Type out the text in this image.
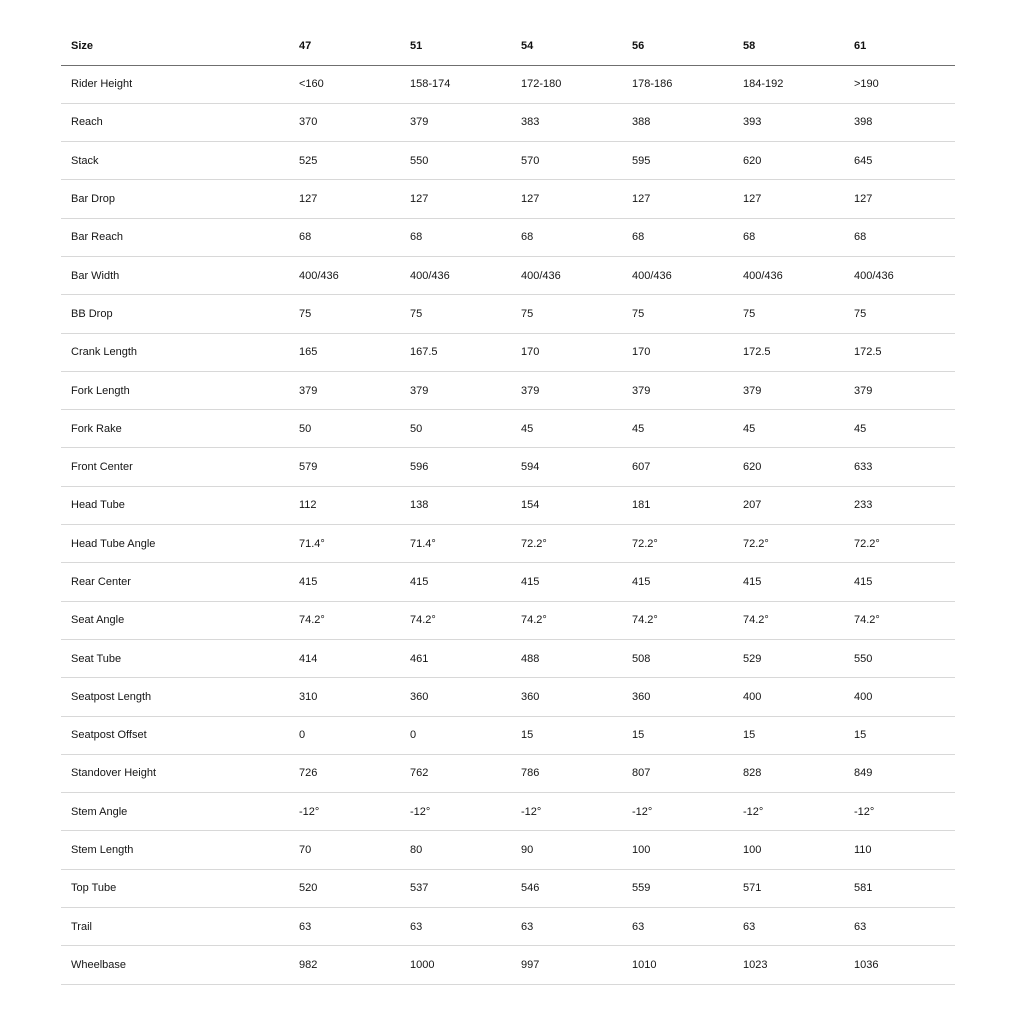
Size	47	51	54	56	58	61
Rider Height	<160	158-174	172-180	178-186	184-192	>190
Reach	370	379	383	388	393	398
Stack	525	550	570	595	620	645
Bar Drop	127	127	127	127	127	127
Bar Reach	68	68	68	68	68	68
Bar Width	400/436	400/436	400/436	400/436	400/436	400/436
BB Drop	75	75	75	75	75	75
Crank Length	165	167.5	170	170	172.5	172.5
Fork Length	379	379	379	379	379	379
Fork Rake	50	50	45	45	45	45
Front Center	579	596	594	607	620	633
Head Tube	112	138	154	181	207	233
Head Tube Angle	71.4°	71.4°	72.2°	72.2°	72.2°	72.2°
Rear Center	415	415	415	415	415	415
Seat Angle	74.2°	74.2°	74.2°	74.2°	74.2°	74.2°
Seat Tube	414	461	488	508	529	550
Seatpost Length	310	360	360	360	400	400
Seatpost Offset	0	0	15	15	15	15
Standover Height	726	762	786	807	828	849
Stem Angle	-12°	-12°	-12°	-12°	-12°	-12°
Stem Length	70	80	90	100	100	110
Top Tube	520	537	546	559	571	581
Trail	63	63	63	63	63	63
Wheelbase	982	1000	997	1010	1023	1036
